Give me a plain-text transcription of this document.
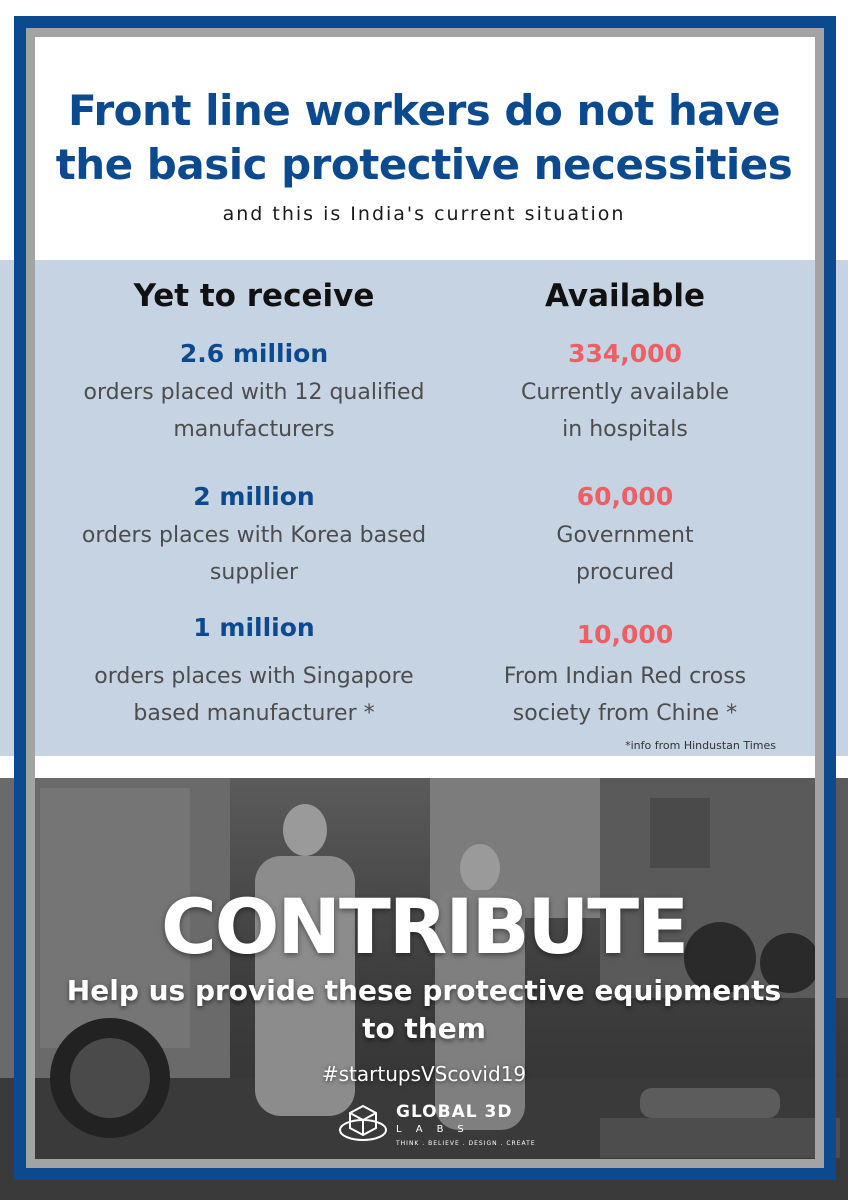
Front line workers do not have
the basic protective necessities
and this is India's current situation
Yet to receive
2.6 million
orders placed with 12 qualified
manufacturers
2 million
orders places with Korea based
supplier
1 million
orders places with Singapore
based manufacturer *
Available
334,000
Currently available
in hospitals
60,000
Government
procured
10,000
From Indian Red cross
society from Chine *
*info from Hindustan Times
CONTRIBUTE
Help us provide these protective equipments
to them
#startupsVScovid19
GLOBAL 3D
LABS
THINK . BELIEVE . DESIGN . CREATE
